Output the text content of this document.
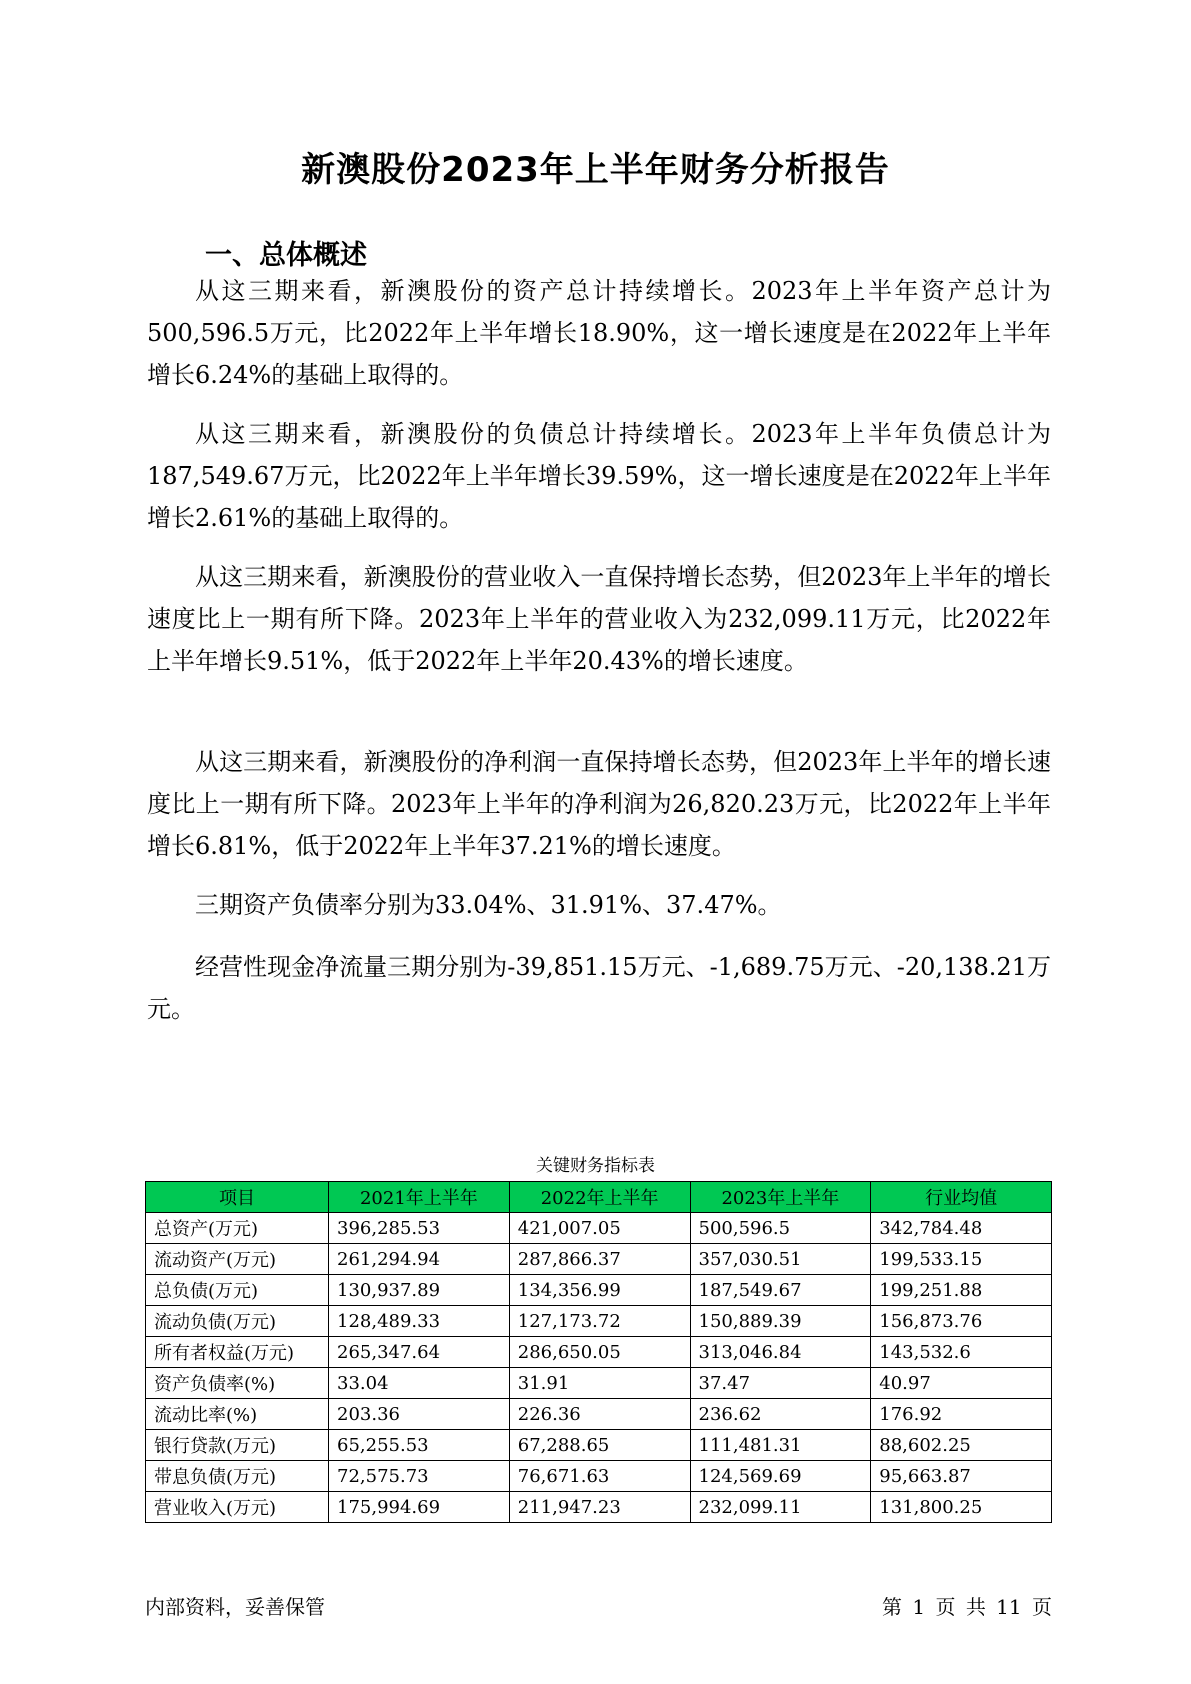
新澳股份2023年上半年财务分析报告
一、总体概述

从这三期来看，新澳股份的资产总计持续增长。2023年上半年资产总计为500,596.5万元，比2022年上半年增长18.90%，这一增长速度是在2022年上半年增长6.24%的基础上取得的。

从这三期来看，新澳股份的负债总计持续增长。2023年上半年负债总计为187,549.67万元，比2022年上半年增长39.59%，这一增长速度是在2022年上半年增长2.61%的基础上取得的。

从这三期来看，新澳股份的营业收入一直保持增长态势，但2023年上半年的增长速度比上一期有所下降。2023年上半年的营业收入为232,099.11万元，比2022年上半年增长9.51%，低于2022年上半年20.43%的增长速度。

从这三期来看，新澳股份的净利润一直保持增长态势，但2023年上半年的增长速度比上一期有所下降。2023年上半年的净利润为26,820.23万元，比2022年上半年增长6.81%，低于2022年上半年37.21%的增长速度。

三期资产负债率分别为33.04%、31.91%、37.47%。

经营性现金净流量三期分别为-39,851.15万元、-1,689.75万元、-20,138.21万元。

关键财务指标表
项目	2021年上半年	2022年上半年	2023年上半年	行业均值
总资产(万元)	396,285.53	421,007.05	500,596.5	342,784.48
流动资产(万元)	261,294.94	287,866.37	357,030.51	199,533.15
总负债(万元)	130,937.89	134,356.99	187,549.67	199,251.88
流动负债(万元)	128,489.33	127,173.72	150,889.39	156,873.76
所有者权益(万元)	265,347.64	286,650.05	313,046.84	143,532.6
资产负债率(%)	33.04	31.91	37.47	40.97
流动比率(%)	203.36	226.36	236.62	176.92
银行贷款(万元)	65,255.53	67,288.65	111,481.31	88,602.25
带息负债(万元)	72,575.73	76,671.63	124,569.69	95,663.87
营业收入(万元)	175,994.69	211,947.23	232,099.11	131,800.25
内部资料，妥善保管	第 1 页 共 11 页
